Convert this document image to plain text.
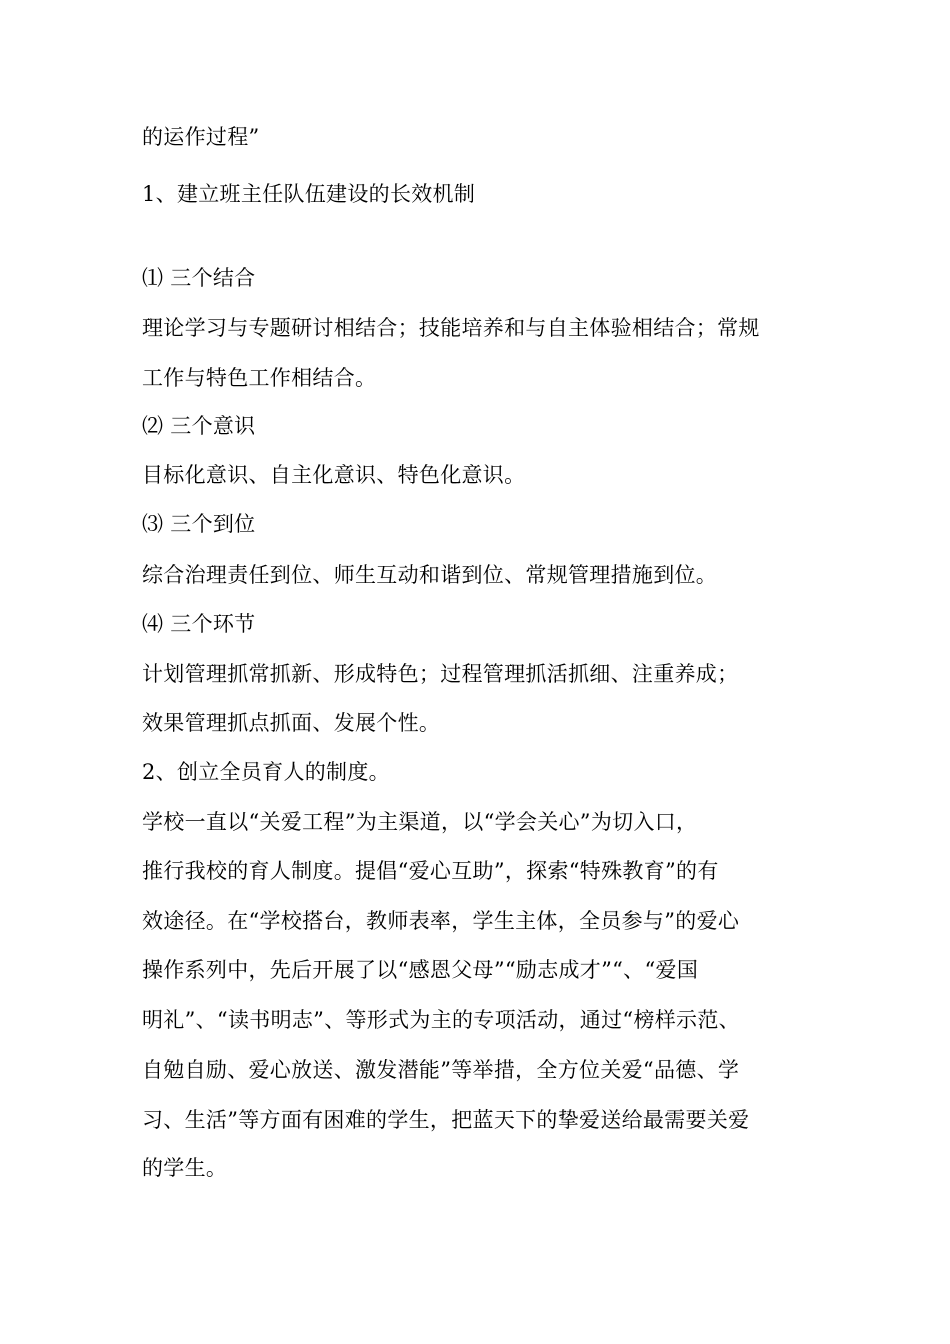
的运作过程”
1、建立班主任队伍建设的长效机制
⑴ 三个结合
理论学习与专题研讨相结合；技能培养和与自主体验相结合；常规
工作与特色工作相结合。
⑵ 三个意识
目标化意识、自主化意识、特色化意识。
⑶ 三个到位
综合治理责任到位、师生互动和谐到位、常规管理措施到位。
⑷ 三个环节
计划管理抓常抓新、形成特色；过程管理抓活抓细、注重养成；
效果管理抓点抓面、发展个性。
2、创立全员育人的制度。
学校一直以“关爱工程”为主渠道，以“学会关心”为切入口，
推行我校的育人制度。提倡“爱心互助”，探索“特殊教育”的有
效途径。在“学校搭台，教师表率，学生主体，全员参与”的爱心
操作系列中，先后开展了以“感恩父母”“励志成才”“、“爱国
明礼”、“读书明志”、等形式为主的专项活动，通过“榜样示范、
自勉自励、爱心放送、激发潜能”等举措，全方位关爱“品德、学
习、生活”等方面有困难的学生，把蓝天下的挚爱送给最需要关爱
的学生。
